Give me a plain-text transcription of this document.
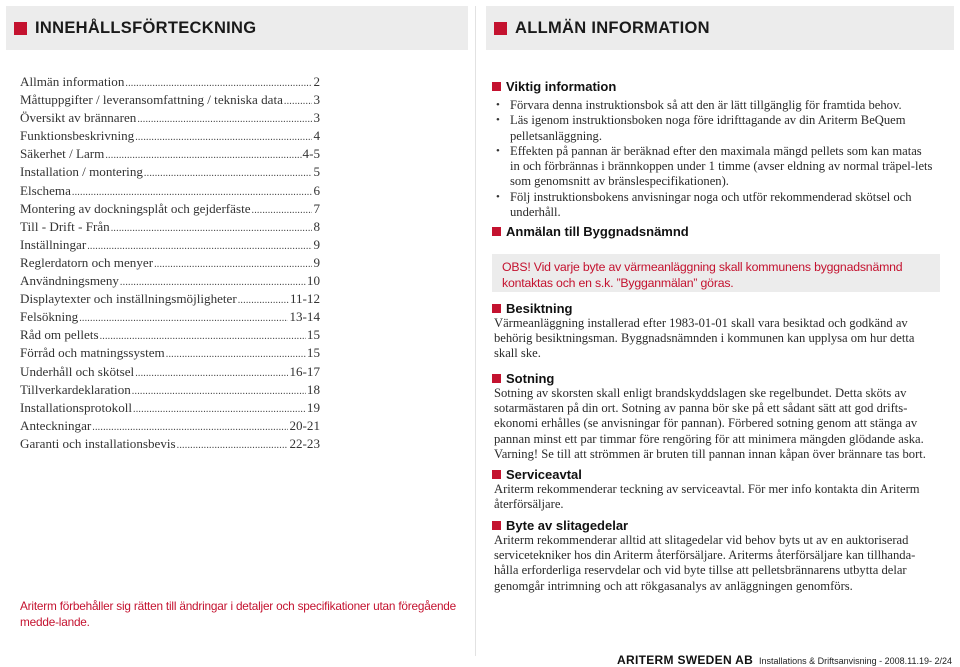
INNEHÅLLSFÖRTECKNING
Allmän information .....	2
Måttuppgifter / leveransomfattning / tekniska data ..... 3
Översikt av brännaren .....	3
Funktionsbeskrivning .....	4
Säkerhet / Larm .....	4-5
Installation / montering .....	5
Elschema .....	6
Montering av dockningsplåt och gejderfäste .....	7
Till - Drift - Från .....	8
Inställningar .....	9
Reglerdatorn och menyer .....	9
Användningsmeny .....	10
Displaytexter och inställningsmöjligheter .....	11-12
Felsökning .....	13-14
Råd om pellets .....	15
Förråd och matningssystem .....	15
Underhåll och skötsel .....	16-17
Tillverkardeklaration .....	18
Installationsprotokoll .....	19
Anteckningar .....	20-21
Garanti och installationsbevis .....	22-23
Ariterm förbehåller sig rätten till ändringar i detaljer och specifikationer utan föregående medde-lande.
ALLMÄN INFORMATION
Viktig information
• Förvara denna instruktionsbok så att den är lätt tillgänglig för framtida behov.
• Läs igenom instruktionsboken noga före idrifttagande av din Ariterm BeQuem pelletsanläggning.
• Effekten på pannan är beräknad efter den maximala mängd pellets som kan matas in och förbrännas i brännkoppen under 1 timme (avser eldning av normal träpel-lets som genomsnitt av bränslespecifikationen).
• Följ instruktionsbokens anvisningar noga och utför rekommenderad skötsel och underhåll.
Anmälan till Byggnadsnämnd
OBS! Vid varje byte av värmeanläggning skall kommunens byggnadsnämnd kontaktas och en s.k. ”Bygganmälan” göras.
Besiktning
Värmeanläggning installerad efter 1983-01-01 skall vara besiktad och godkänd av behörig besiktningsman. Byggnadsnämnden i kommunen kan upplysa om hur detta skall ske.
Sotning
Sotning av skorsten skall enligt brandskyddslagen ske regelbundet. Detta sköts av sotarmästaren på din ort. Sotning av panna bör ske på ett sådant sätt att god drifts-ekonomi erhålles (se anvisningar för pannan). Förbered sotning genom att stänga av pannan minst ett par timmar före rengöring för att minimera mängden glödande aska. Varning! Se till att strömmen är bruten till pannan innan kåpan över brännare tas bort.
Serviceavtal
Ariterm rekommenderar teckning av serviceavtal. För mer info kontakta din Ariterm återförsäljare.
Byte av slitagedelar
Ariterm rekommenderar alltid att slitagedelar vid behov byts ut av en auktoriserad servicetekniker hos din Ariterm återförsäljare. Ariterms återförsäljare kan tillhanda-hålla erforderliga reservdelar och vid byte tillse att pelletsbrännarens utbytta delar genomgår intrimning och att rökgasanalys av anläggningen genomförs.
ARITERM SWEDEN AB Installations & Driftsanvisning - 2008.11.19- 2/24
